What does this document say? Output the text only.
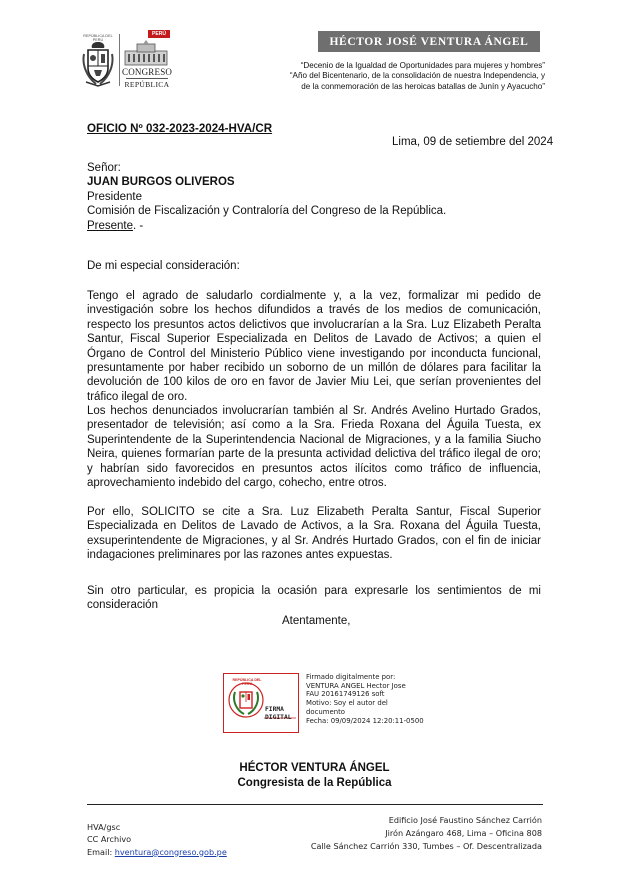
REPÚBLICA DEL PERÚ
PERÚ
CONGRESO
REPÚBLICA
HÉCTOR JOSÉ VENTURA ÁNGEL
“Decenio de la Igualdad de Oportunidades para mujeres y hombres”
“Año del Bicentenario, de la consolidación de nuestra Independencia, y
de la conmemoración de las heroicas batallas de Junín y Ayacucho”
OFICIO Nº 032-2023-2024-HVA/CR
Lima, 09 de setiembre del 2024
Señor:
JUAN BURGOS OLIVEROS
Presidente
Comisión de Fiscalización y Contraloría del Congreso de la República.
Presente. -
De mi especial consideración:

Tengo el agrado de saludarlo cordialmente y, a la vez, formalizar mi pedido de investigación sobre los hechos difundidos a través de los medios de comunicación, respecto los presuntos actos delictivos que involucrarían a la Sra. Luz Elizabeth Peralta Santur, Fiscal Superior Especializada en Delitos de Lavado de Activos; a quien el Órgano de Control del Ministerio Público viene investigando por inconducta funcional, presuntamente por haber recibido un soborno de un millón de dólares para facilitar la devolución de 100 kilos de oro en favor de Javier Miu Lei, que serían provenientes del tráfico ilegal de oro.

Los hechos denunciados involucrarían también al Sr. Andrés Avelino Hurtado Grados, presentador de televisión; así como a la Sra. Frieda Roxana del Águila Tuesta, ex Superintendente de la Superintendencia Nacional de Migraciones, y a la familia Siucho Neira, quienes formarían parte de la presunta actividad delictiva del tráfico ilegal de oro; y habrían sido favorecidos en presuntos actos ilícitos como tráfico de influencia, aprovechamiento indebido del cargo, cohecho, entre otros.

Por ello, SOLICITO se cite a Sra. Luz Elizabeth Peralta Santur, Fiscal Superior Especializada en Delitos de Lavado de Activos, a la Sra. Roxana del Águila Tuesta, exsuperintendente de Migraciones, y al Sr. Andrés Hurtado Grados, con el fin de iniciar indagaciones preliminares por las razones antes expuestas.

Sin otro particular, es propicia la ocasión para expresarle los sentimientos de mi consideración

Atentamente,
REPÚBLICA DEL PERÚ
FIRMA
DIGITAL
Firmado digitalmente por:
VENTURA ANGEL Hector Jose
FAU 20161749126 soft
Motivo: Soy el autor del
documento
Fecha: 09/09/2024 12:20:11-0500
HÉCTOR VENTURA ÁNGEL
Congresista de la República
HVA/gsc
CC Archivo
Email: hventura@congreso.gob.pe
Edificio José Faustino Sánchez Carrión
Jirón Azángaro 468, Lima – Oficina 808
Calle Sánchez Carrión 330, Tumbes – Of. Descentralizada
